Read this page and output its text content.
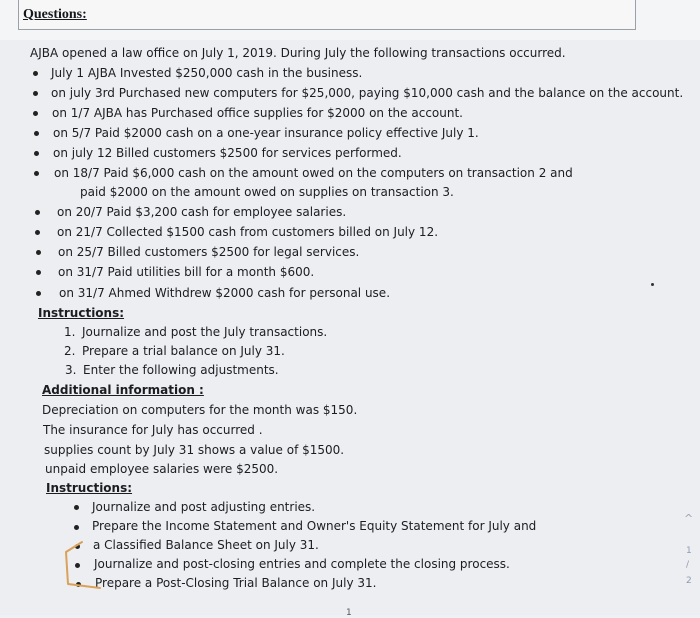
Questions:

AJBA opened a law office on July 1, 2019. During July the following transactions occurred.

July 1 AJBA Invested $250,000 cash in the business.

on july 3rd Purchased new computers for $25,000, paying $10,000 cash and the balance on the account.

on 1/7 AJBA has Purchased office supplies for $2000 on the account.

on 5/7 Paid $2000 cash on a one-year insurance policy effective July 1.

on july 12 Billed customers $2500 for services performed.

on 18/7 Paid $6,000 cash on the amount owed on the computers on transaction 2 and

paid $2000 on the amount owed on supplies on transaction 3.

on 20/7 Paid $3,200 cash for employee salaries.

on 21/7 Collected $1500 cash from customers billed on July 12.

on 25/7 Billed customers $2500 for legal services.

on 31/7 Paid utilities bill for a month $600.

on 31/7 Ahmed Withdrew $2000 cash for personal use.

Instructions:

1. Journalize and post the July transactions.

2. Prepare a trial balance on July 31.

3. Enter the following adjustments.

Additional information :

Depreciation on computers for the month was $150.

The insurance for July has occurred .

supplies count by July 31 shows a value of $1500.

unpaid employee salaries were $2500.

Instructions:

Journalize and post adjusting entries.

Prepare the Income Statement and Owner's Equity Statement for July and

a Classified Balance Sheet on July 31.

Journalize and post-closing entries and complete the closing process.

Prepare a Post-Closing Trial Balance on July 31.

^
1
/
2
1
